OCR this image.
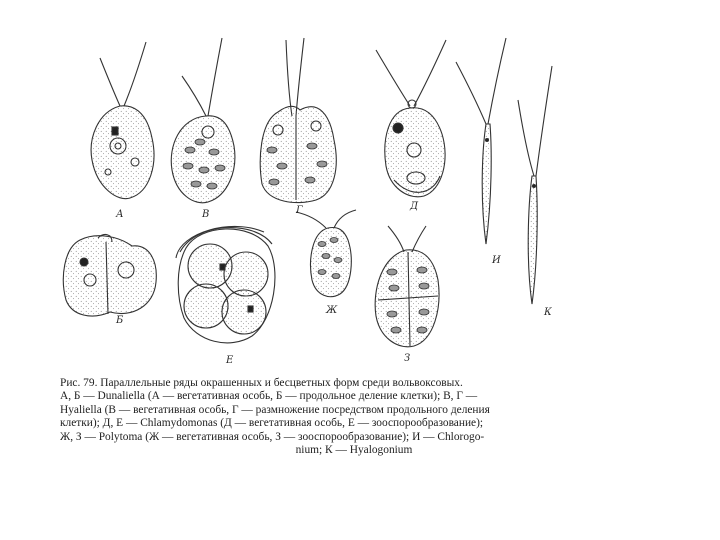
А	В	Г	Д
И
К
Б
Е
Ж
З
Рис. 79. Параллельные ряды окрашенных и бесцветных форм среди вольвоксовых.
А, Б — Dunaliella (А — вегетативная особь, Б — продольное деление клетки); В, Г —
Hyaliella (В — вегетативная особь, Г — размножение посредством продольного деления
клетки); Д, Е — Chlamydomonas (Д — вегетативная особь, Е — зооспорообразование);
Ж, З — Polytoma (Ж — вегетативная особь, З — зооспорообразование); И — Chlorogo-
nium; К — Hyalogonium
